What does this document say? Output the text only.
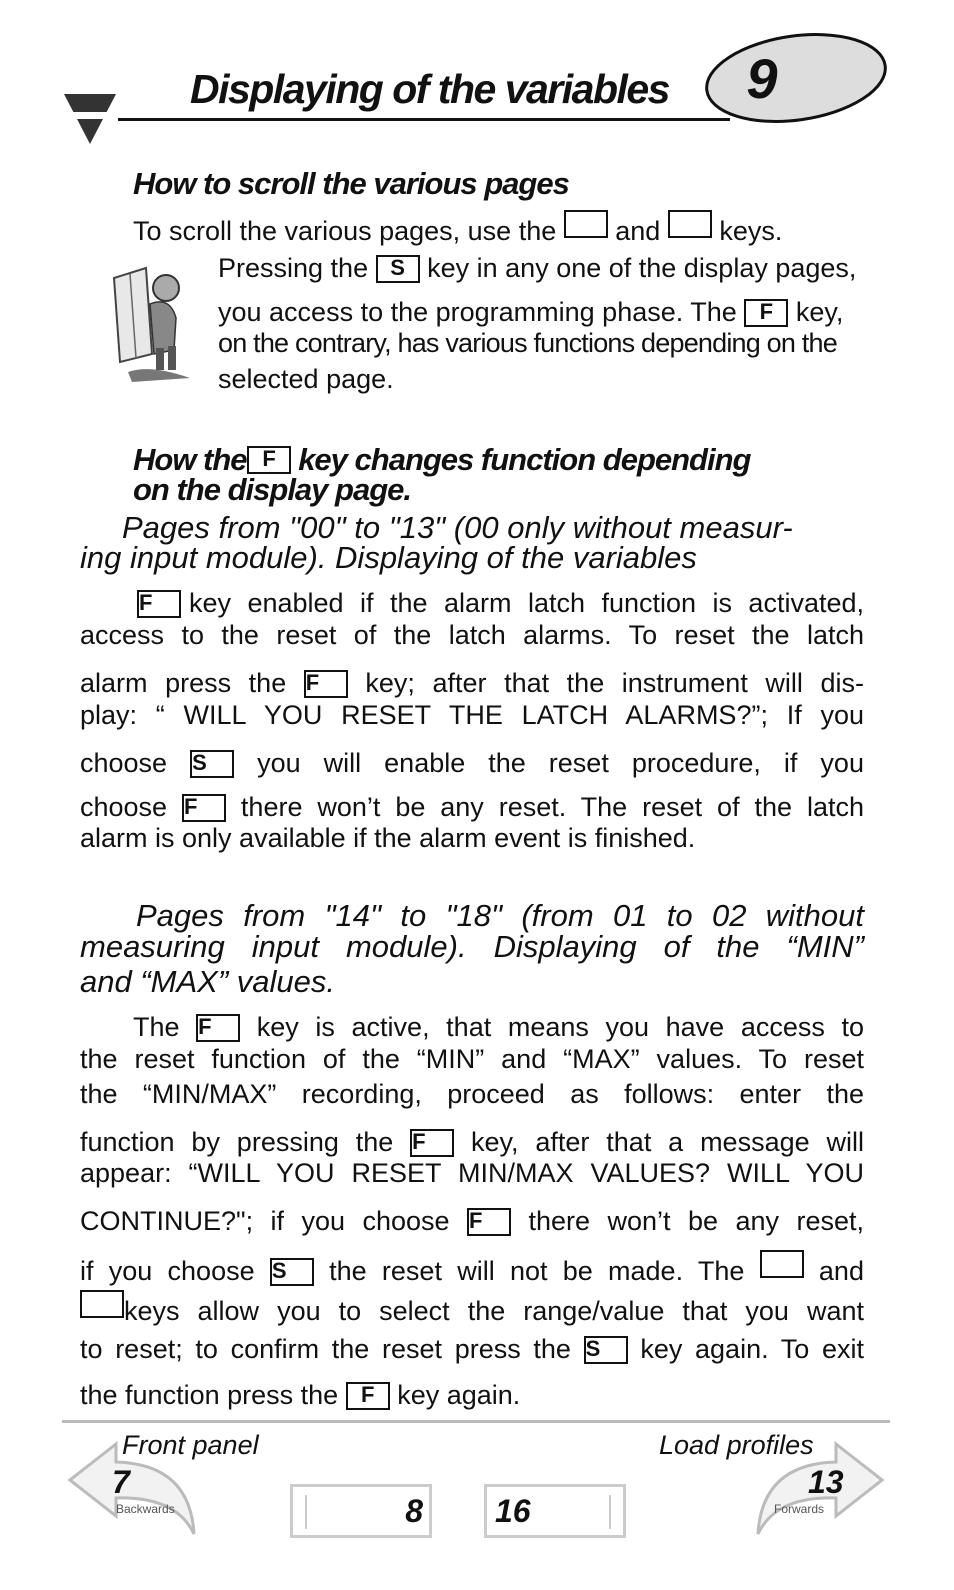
Displaying of the variables 9
How to scroll the various pages
To scroll the various pages, use the and keys.
Pressing the S key in any one of the display pages,
you access to the programming phase. The F key,
on the contrary, has various functions depending on the
selected page.
How the F key changes function depending
on the display page.
Pages from "00" to "13" (00 only without measur-
ing input module). Displaying of the variables
F key enabled if the alarm latch function is activated,
access to the reset of the latch alarms. To reset the latch
alarm press the F key; after that the instrument will dis-
play: “ WILL YOU RESET THE LATCH ALARMS?”; If you
choose S you will enable the reset procedure, if you
choose F there won’t be any reset. The reset of the latch
alarm is only available if the alarm event is finished.
Pages from "14" to "18" (from 01 to 02 without
measuring input module). Displaying of the “MIN”
and “MAX” values.
The F key is active, that means you have access to
the reset function of the “MIN” and “MAX” values. To reset
the “MIN/MAX” recording, proceed as follows: enter the
function by pressing the F key, after that a message will
appear: “WILL YOU RESET MIN/MAX VALUES? WILL YOU
CONTINUE?"; if you choose F there won’t be any reset,
if you choose S the reset will not be made. The	and
keys allow you to select the range/value that you want
to reset; to confirm the reset press the S key again. To exit
the function press the F key again.
Front panel
7
Backwards
Load profiles
13
Forwards
8 16
